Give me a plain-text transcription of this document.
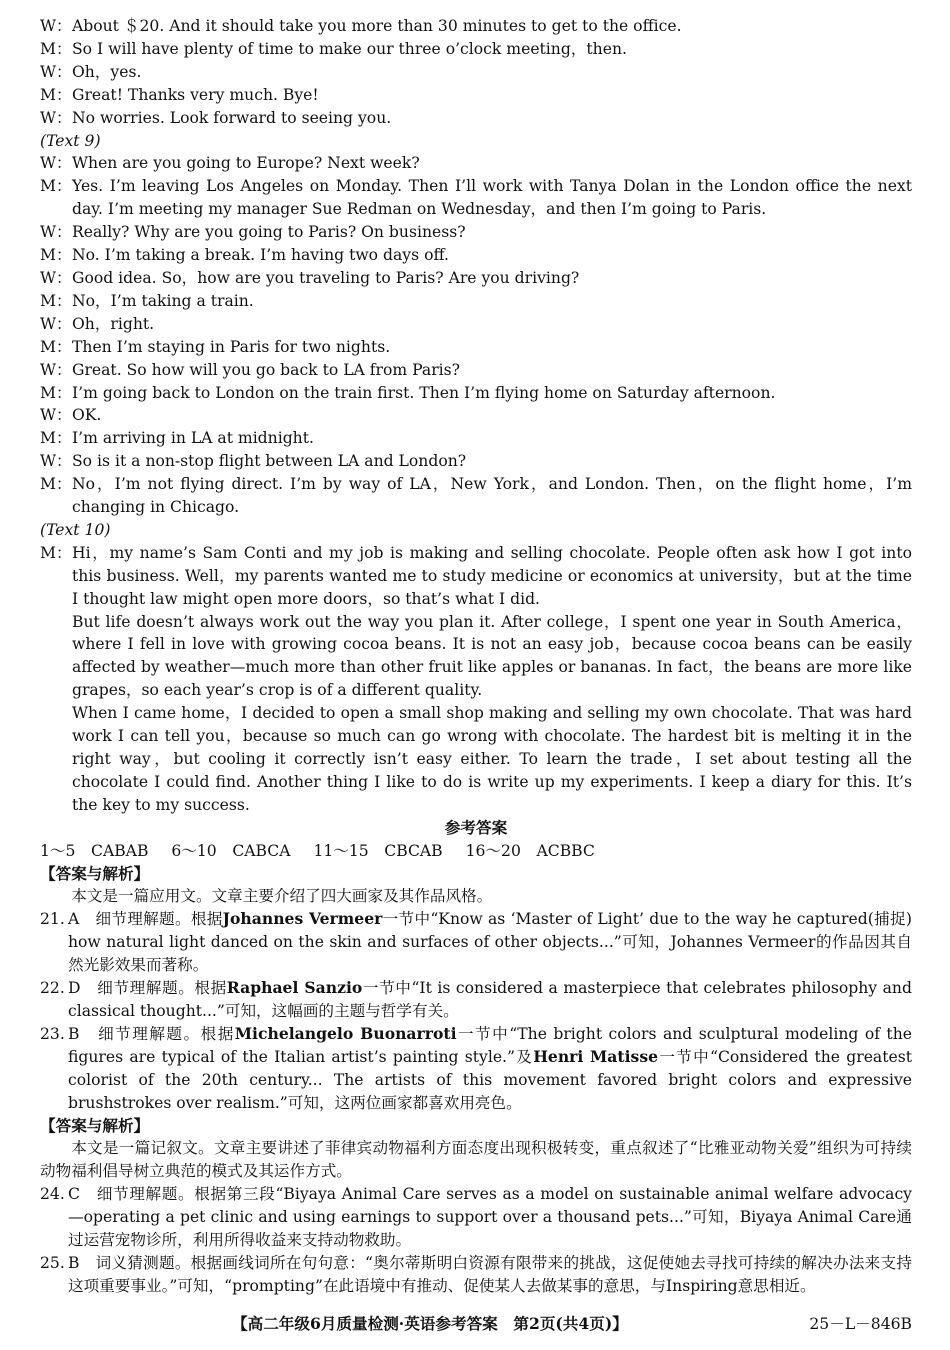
W： About ＄20. And it should take you more than 30 minutes to get to the office.
M： So I will have plenty of time to make our three o’clock meeting，then.
W： Oh，yes.
M： Great! Thanks very much. Bye!
W： No worries. Look forward to seeing you.
(Text 9)
W： When are you going to Europe? Next week?
M： Yes. I’m leaving Los Angeles on Monday. Then I’ll work with Tanya Dolan in the London office the next day. I’m meeting my manager Sue Redman on Wednesday，and then I’m going to Paris.
W： Really? Why are you going to Paris? On business?
M： No. I’m taking a break. I’m having two days off.
W： Good idea. So，how are you traveling to Paris? Are you driving?
M： No，I’m taking a train.
W： Oh，right.
M： Then I’m staying in Paris for two nights.
W： Great. So how will you go back to LA from Paris?
M： I’m going back to London on the train first. Then I’m flying home on Saturday afternoon.
W： OK.
M： I’m arriving in LA at midnight.
W： So is it a non-stop flight between LA and London?
M： No，I’m not flying direct. I’m by way of LA，New York，and London. Then，on the flight home，I’m changing in Chicago.
(Text 10)
M： Hi，my name’s Sam Conti and my job is making and selling chocolate. People often ask how I got into this business. Well，my parents wanted me to study medicine or economics at university，but at the time I thought law might open more doors，so that’s what I did.
But life doesn’t always work out the way you plan it. After college，I spent one year in South America，where I fell in love with growing cocoa beans. It is not an easy job，because cocoa beans can be easily affected by weather—much more than other fruit like apples or bananas. In fact，the beans are more like grapes，so each year’s crop is of a different quality.
When I came home，I decided to open a small shop making and selling my own chocolate. That was hard work I can tell you，because so much can go wrong with chocolate. The hardest bit is melting it in the right way，but cooling it correctly isn’t easy either. To learn the trade，I set about testing all the chocolate I could find. Another thing I like to do is write up my experiments. I keep a diary for this. It’s the key to my success.
参考答案
1～5　CABAB 6～10　CABCA 11～15　CBCAB 16～20　ACBBC
【答案与解析】
本文是一篇应用文。文章主要介绍了四大画家及其作品风格。
21. A　 细节理解题。根据Johannes Vermeer一节中“Know as ‘Master of Light’ due to the way he captured(捕捉) how natural light danced on the skin and surfaces of other objects...”可知，Johannes Vermeer的作品因其自然光影效果而著称。
22. D　 细节理解题。根据Raphael Sanzio一节中“It is considered a masterpiece that celebrates philosophy and classical thought...”可知，这幅画的主题与哲学有关。
23. B　 细节理解题。根据Michelangelo Buonarroti一节中“The bright colors and sculptural modeling of the figures are typical of the Italian artist’s painting style.”及Henri Matisse一节中“Considered the greatest colorist of the 20th century... The artists of this movement favored bright colors and expressive brushstrokes over realism.”可知，这两位画家都喜欢用亮色。
【答案与解析】
本文是一篇记叙文。文章主要讲述了菲律宾动物福利方面态度出现积极转变，重点叙述了“比雅亚动物关爱”组织为可持续动物福利倡导树立典范的模式及其运作方式。
24. C　 细节理解题。根据第三段“Biyaya Animal Care serves as a model on sustainable animal welfare advocacy—operating a pet clinic and using earnings to support over a thousand pets...”可知，Biyaya Animal Care通过运营宠物诊所，利用所得收益来支持动物救助。
25. B　 词义猜测题。根据画线词所在句句意：“奥尔蒂斯明白资源有限带来的挑战，这促使她去寻找可持续的解决办法来支持这项重要事业。”可知，“prompting”在此语境中有推动、促使某人去做某事的意思，与Inspiring意思相近。
【高二年级6月质量检测·英语参考答案　第2页(共4页)】	25－L－846B
